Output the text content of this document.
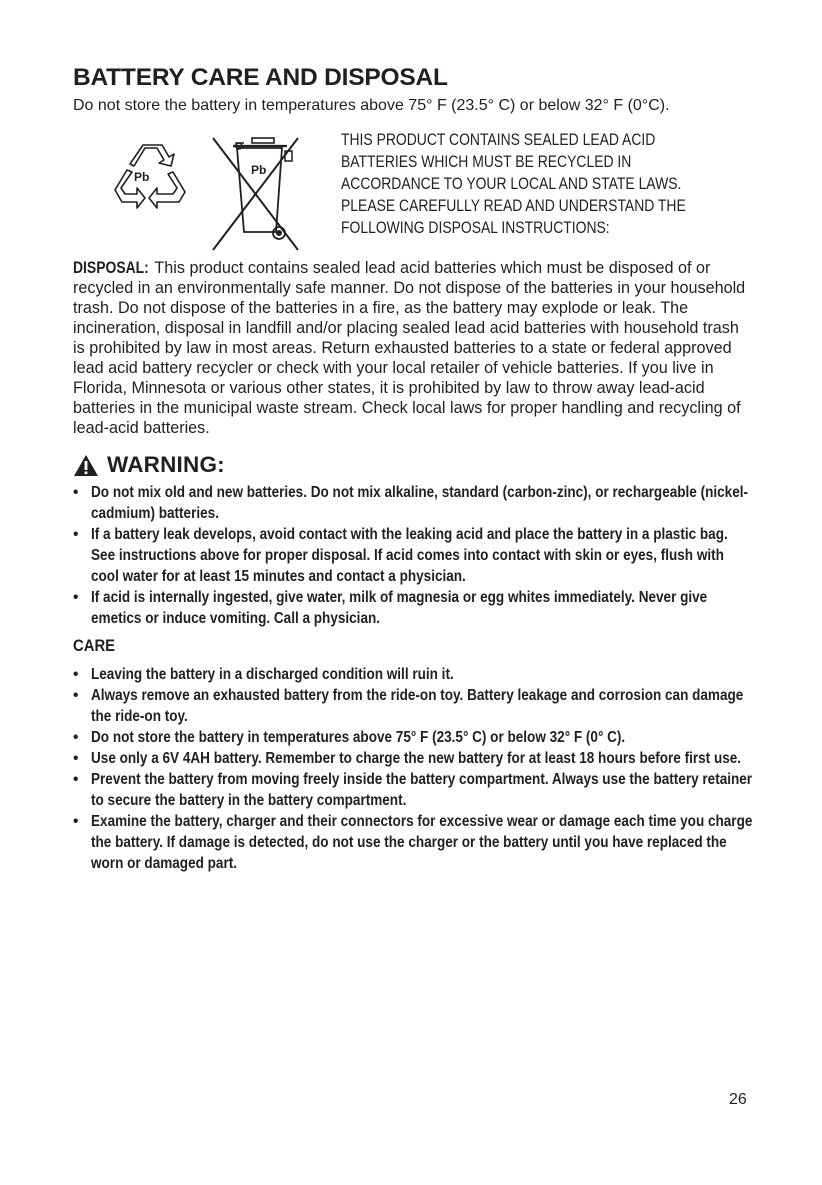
BATTERY CARE AND DISPOSAL
Do not store the battery in temperatures above 75° F (23.5° C) or below 32° F (0°C).
Pb	Pb
THIS PRODUCT CONTAINS SEALED LEAD ACID
BATTERIES WHICH MUST BE RECYCLED IN
ACCORDANCE TO YOUR LOCAL AND STATE LAWS.
PLEASE CAREFULLY READ AND UNDERSTAND THE
FOLLOWING DISPOSAL INSTRUCTIONS:
DISPOSAL: This product contains sealed lead acid batteries which must be disposed of or recycled in an environmentally safe manner. Do not dispose of the batteries in your household trash. Do not dispose of the batteries in a fire, as the battery may explode or leak. The incineration, disposal in landfill and/or placing sealed lead acid batteries with household trash is prohibited by law in most areas. Return exhausted batteries to a state or federal approved lead acid battery recycler or check with your local retailer of vehicle batteries. If you live in Florida, Minnesota or various other states, it is prohibited by law to throw away lead-acid batteries in the municipal waste stream. Check local laws for proper handling and recycling of lead-acid batteries.
WARNING:
• Do not mix old and new batteries. Do not mix alkaline, standard (carbon-zinc), or rechargeable (nickel-cadmium) batteries.
• If a battery leak develops, avoid contact with the leaking acid and place the battery in a plastic bag. See instructions above for proper disposal. If acid comes into contact with skin or eyes, flush with cool water for at least 15 minutes and contact a physician.
• If acid is internally ingested, give water, milk of magnesia or egg whites immediately. Never give emetics or induce vomiting. Call a physician.
CARE
• Leaving the battery in a discharged condition will ruin it.
• Always remove an exhausted battery from the ride-on toy. Battery leakage and corrosion can damage the ride-on toy.
• Do not store the battery in temperatures above 75° F (23.5° C) or below 32° F (0° C).
• Use only a 6V 4AH battery. Remember to charge the new battery for at least 18 hours before first use.
• Prevent the battery from moving freely inside the battery compartment. Always use the battery retainer to secure the battery in the battery compartment.
• Examine the battery, charger and their connectors for excessive wear or damage each time you charge the battery. If damage is detected, do not use the charger or the battery until you have replaced the worn or damaged part.
26
